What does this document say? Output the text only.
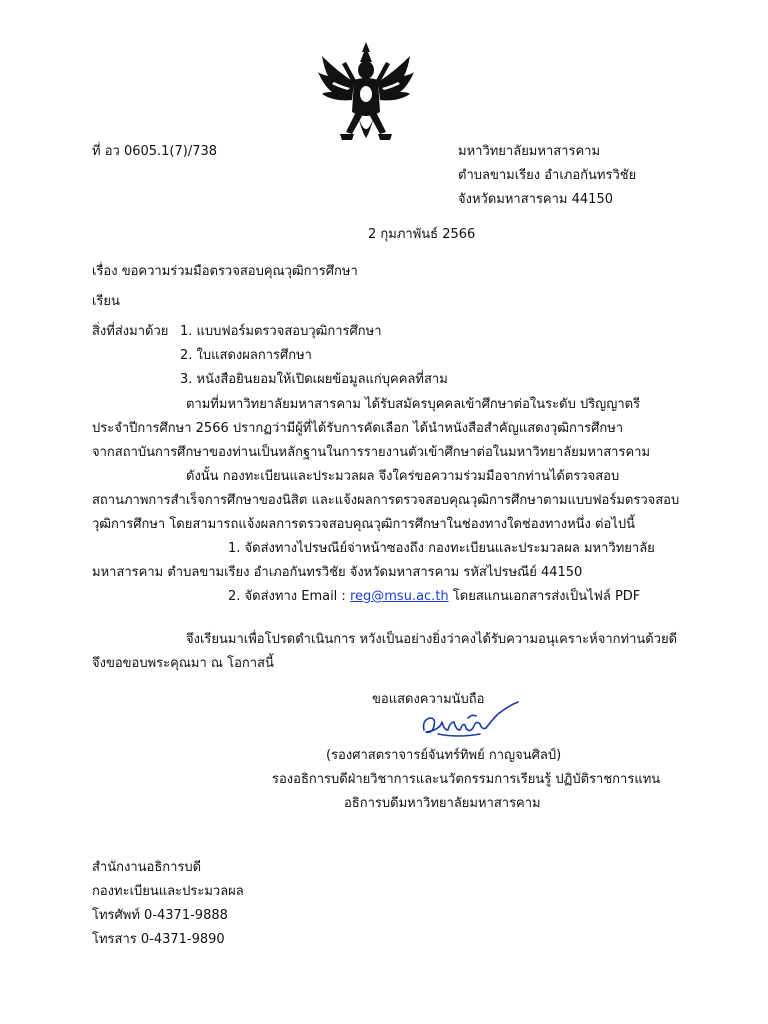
ที่ อว 0605.1(7)/738	มหาวิทยาลัยมหาสารคาม
ตำบลขามเรียง อำเภอกันทรวิชัย
จังหวัดมหาสารคาม 44150
2 กุมภาพันธ์ 2566
เรื่อง ขอความร่วมมือตรวจสอบคุณวุฒิการศึกษา
เรียน
สิ่งที่ส่งมาด้วย 1. แบบฟอร์มตรวจสอบวุฒิการศึกษา
2. ใบแสดงผลการศึกษา
3. หนังสือยินยอมให้เปิดเผยข้อมูลแก่บุคคลที่สาม
ตามที่มหาวิทยาลัยมหาสารคาม ได้รับสมัครบุคคลเข้าศึกษาต่อในระดับ ปริญญาตรี
ประจำปีการศึกษา 2566 ปรากฏว่ามีผู้ที่ได้รับการคัดเลือก ได้นำหนังสือสำคัญแสดงวุฒิการศึกษา
จากสถาบันการศึกษาของท่านเป็นหลักฐานในการรายงานตัวเข้าศึกษาต่อในมหาวิทยาลัยมหาสารคาม
ดังนั้น กองทะเบียนและประมวลผล จึงใคร่ขอความร่วมมือจากท่านได้ตรวจสอบ
สถานภาพการสำเร็จการศึกษาของนิสิต และแจ้งผลการตรวจสอบคุณวุฒิการศึกษาตามแบบฟอร์มตรวจสอบ
วุฒิการศึกษา โดยสามารถแจ้งผลการตรวจสอบคุณวุฒิการศึกษาในช่องทางใดช่องทางหนึ่ง ต่อไปนี้
1. จัดส่งทางไปรษณีย์จ่าหน้าซองถึง กองทะเบียนและประมวลผล มหาวิทยาลัย
มหาสารคาม ตำบลขามเรียง อำเภอกันทรวิชัย จังหวัดมหาสารคาม รหัสไปรษณีย์ 44150
2. จัดส่งทาง Email : reg@msu.ac.th โดยสแกนเอกสารส่งเป็นไฟล์ PDF
จึงเรียนมาเพื่อโปรดดำเนินการ หวังเป็นอย่างยิ่งว่าคงได้รับความอนุเคราะห์จากท่านด้วยดี
จึงขอขอบพระคุณมา ณ โอกาสนี้
ขอแสดงความนับถือ
(รองศาสตราจารย์จันทร์ทิพย์ กาญจนศิลป์)
รองอธิการบดีฝ่ายวิชาการและนวัตกรรมการเรียนรู้ ปฏิบัติราชการแทน
อธิการบดีมหาวิทยาลัยมหาสารคาม
สำนักงานอธิการบดี
กองทะเบียนและประมวลผล
โทรศัพท์ 0-4371-9888
โทรสาร 0-4371-9890
